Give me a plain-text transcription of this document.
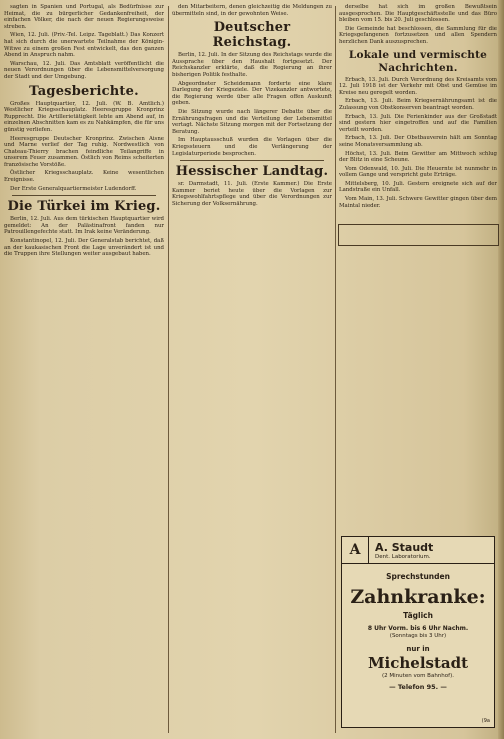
sagten in Spanien und Portugal, als Bedürfnisse zur Heimat, die zu bürgerlicher Gedankenfreiheit, der einfachen Völker, die nach der neuen Regierungsweise streben.

Wien, 12. Juli. (Priv.-Tel. Leipz. Tageblatt.) Das Konzert hat sich durch die unerwartete Teilnahme der Königin-Witwe zu einem großen Fest entwickelt, das den ganzen Abend in Anspruch nahm.

Warschau, 12. Juli. Das Amtsblatt veröffentlicht die neuen Verordnungen über die Lebensmittelversorgung der Stadt und der Umgebung.

Tagesberichte.

Großes Hauptquartier, 12. Juli. (W. B. Amtlich.) Westlicher Kriegsschauplatz. Heeresgruppe Kronprinz Rupprecht. Die Artillerietätigkeit lebte am Abend auf, in einzelnen Abschnitten kam es zu Nahkämpfen, die für uns günstig verliefen.

Heeresgruppe Deutscher Kronprinz. Zwischen Aisne und Marne verlief der Tag ruhig. Nordwestlich von Chateau-Thierry brachen feindliche Teilangriffe in unserem Feuer zusammen. Östlich von Reims scheiterten französische Vorstöße.

Östlicher Kriegsschauplatz. Keine wesentlichen Ereignisse.

Der Erste Generalquartiermeister Ludendorff.

Die Türkei im Krieg.

Berlin, 12. Juli. Aus dem türkischen Hauptquartier wird gemeldet: An der Palästinafront fanden nur Patrouillengefechte statt. Im Irak keine Veränderung.

Konstantinopel, 12. Juli. Der Generalstab berichtet, daß an der kaukasischen Front die Lage unverändert ist und die Truppen ihre Stellungen weiter ausgebaut haben.

den Mitarbeitern, denen gleichzeitig die Meldungen zu übermitteln sind, in der gewohnten Weise.

Deutscher Reichstag.

Berlin, 12. Juli. In der Sitzung des Reichstags wurde die Aussprache über den Haushalt fortgesetzt. Der Reichskanzler erklärte, daß die Regierung an ihrer bisherigen Politik festhalte.

Abgeordneter Scheidemann forderte eine klare Darlegung der Kriegsziele. Der Vizekanzler antwortete, die Regierung werde über alle Fragen offen Auskunft geben.

Die Sitzung wurde nach längerer Debatte über die Ernährungsfragen und die Verteilung der Lebensmittel vertagt. Nächste Sitzung morgen mit der Fortsetzung der Beratung.

Im Hauptausschuß wurden die Vorlagen über die Kriegssteuern und die Verlängerung der Legislaturperiode besprochen.

Hessischer Landtag.

sr. Darmstadt, 11. Juli. (Erste Kammer.) Die Erste Kammer beriet heute über die Vorlagen zur Kriegswohlfahrtspflege und über die Verordnungen zur Sicherung der Volksernährung.

derselbe hat sich im großen Bewußtsein ausgesprochen. Die Hauptgeschäftsstelle und das Büro bleiben vom 15. bis 20. Juli geschlossen.

Die Gemeinde hat beschlossen, die Sammlung für die Kriegsgefangenen fortzusetzen und allen Spendern herzlichen Dank auszusprechen.

Lokale und vermischte Nachrichten.

Erbach, 13. Juli. Durch Verordnung des Kreisamts vom 12. Juli 1918 ist der Verkehr mit Obst und Gemüse im Kreise neu geregelt worden.

Erbach, 13. Juli. Beim Kriegsernährungsamt ist die Zulassung von Obstkonserven beantragt worden.

Erbach, 13. Juli. Die Ferienkinder aus der Großstadt sind gestern hier eingetroffen und auf die Familien verteilt worden.

Erbach, 13. Juli. Der Obstbauverein hält am Sonntag seine Monatsversammlung ab.

Höchst, 13. Juli. Beim Gewitter am Mittwoch schlug der Blitz in eine Scheune.

Vom Odenwald, 10. Juli. Die Heuernte ist nunmehr in vollem Gange und verspricht gute Erträge.

Mittelsberg, 10. Juli. Gestern ereignete sich auf der Landstraße ein Unfall.

Vom Main, 13. Juli. Schwere Gewitter gingen über dem Maintal nieder.

A	A. Staudt
Dent. Laboratorium.
Sprechstunden
Zahnkranke:
Täglich
8 Uhr Vorm. bis 6 Uhr Nachm.
(Sonntags bis 3 Uhr)
nur in
Michelstadt
(2 Minuten vom Bahnhof).
— Telefon 95. —
(9a
